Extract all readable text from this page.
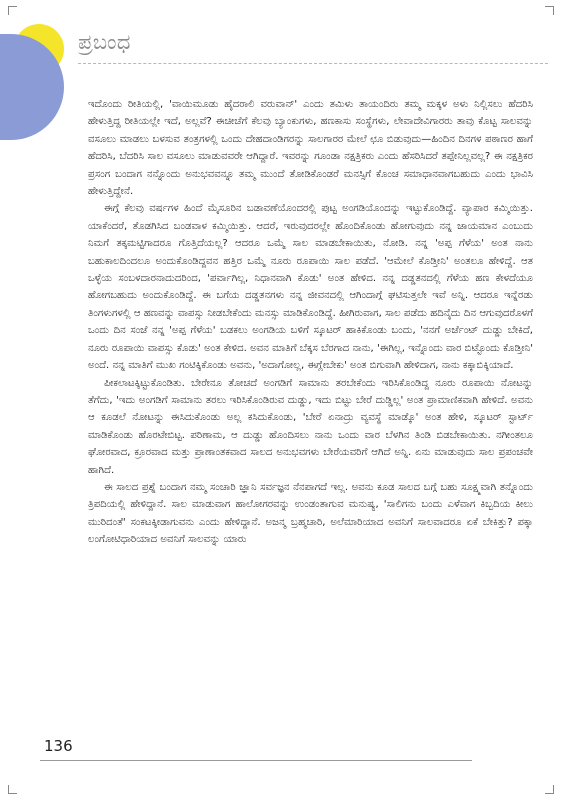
ಪ್ರಬಂಧ

ಇದೊಂದು ರೀತಿಯಲ್ಲಿ, 'ವಾಯಿಮೂಡು ಹೈದರಾಲಿ ವರುವಾನ್' ಎಂದು ತಮಿಳು ತಾಯಂದಿರು ತಮ್ಮ ಮಕ್ಕಳ ಅಳು ನಿಲ್ಲಿಸಲು ಹೆದರಿಸಿ ಹೇಳುತ್ತಿದ್ದ ರೀತಿಯಲ್ಲೇ ಇದೆ, ಅಲ್ಲವೆ? ಈಚೀಚೆಗೆ ಕೆಲವು ಬ್ಯಾಂಕುಗಳು, ಹಣಕಾಸು ಸಂಸ್ಥೆಗಳು, ಲೇವಾದೇವಿಗಾರರು ತಾವು ಕೊಟ್ಟ ಸಾಲವನ್ನು ವಸೂಲು ಮಾಡಲು ಬಳಸುವ ತಂತ್ರಗಳಲ್ಲಿ ಒಂದು ದೇಹದಾಂಡಿಗರನ್ನು ಸಾಲಗಾರರ ಮೇಲೆ ಛೂ ಬಿಡುವುದು—ಹಿಂದಿನ ದಿನಗಳ ಪಠಾಣರ ಹಾಗೆ ಹೆದರಿಸಿ, ಬೆದರಿಸಿ ಸಾಲ ವಸೂಲು ಮಾಡುವವರೇ ಆಗಿದ್ದಾರೆ. ಇವರನ್ನು ಗೂಂಡಾ ನಕ್ಷತ್ರಿಕರು ಎಂದು ಹೆಸರಿಸಿದರೆ ತಪ್ಪೇನಿಲ್ಲವಲ್ಲ? ಈ ನಕ್ಷತ್ರಿಕರ ಪ್ರಸಂಗ ಬಂದಾಗ ನನ್ನೊಂದು ಅನುಭವವನ್ನೂ ತಮ್ಮ ಮುಂದೆ ತೋಡಿಕೊಂಡರೆ ಮನಸ್ಸಿಗೆ ಕೊಂಚ ಸಮಾಧಾನವಾಗಬಹುದು ಎಂದು ಭಾವಿಸಿ ಹೇಳುತ್ತಿದ್ದೇನೆ.

ಈಗ್ಗೆ ಕೆಲವು ವರ್ಷಗಳ ಹಿಂದೆ ಮೈಸೂರಿನ ಬಡಾವಣೆಯೊಂದರಲ್ಲಿ ಪುಟ್ಟ ಅಂಗಡಿಯೊಂದನ್ನು ಇಟ್ಟುಕೊಂಡಿದ್ದೆ. ವ್ಯಾಪಾರ ಕಮ್ಮಿಯಿತ್ತು. ಯಾಕೆಂದರೆ, ತೊಡಗಿಸಿದ ಬಂಡವಾಳ ಕಮ್ಮಿಯಿತ್ತು. ಆದರೆ, ಇರುವುದರಲ್ಲೇ ಹೊಂದಿಕೊಂಡು ಹೋಗುವುದು ನನ್ನ ಜಾಯಮಾನ ಎಂಬುದು ನಿಮಗೆ ತಕ್ಕಮಟ್ಟಿಗಾದರೂ ಗೊತ್ತಿದೆಯಲ್ಲ? ಆದರೂ ಒಮ್ಮೆ ಸಾಲ ಮಾಡಬೇಕಾಯಿತು, ನೋಡಿ. ನನ್ನ 'ಅಪ್ಪ ಗೆಳೆಯ' ಅಂತ ನಾನು ಬಹುಕಾಲದಿಂದಲೂ ಅಂದುಕೊಂಡಿದ್ದವನ ಹತ್ತಿರ ಒಮ್ಮೆ ನೂರು ರೂಪಾಯಿ ಸಾಲ ಪಡೆದೆ. 'ಆಮೇಲೆ ಕೊಡ್ತೀನಿ' ಅಂತಲೂ ಹೇಳಿದ್ದೆ. ಆತ ಒಳ್ಳೆಯ ಸಂಬಳದಾರನಾದುದರಿಂದ, 'ಪರ್ವಾಗಿಲ್ಲ, ನಿಧಾನವಾಗಿ ಕೊಡು' ಅಂತ ಹೇಳಿದ. ನನ್ನ ದಡ್ಡತನದಲ್ಲಿ ಗೆಳೆಯ ಹಣ ಕೇಳದೆಯೂ ಹೋಗಬಹುದು ಅಂದುಕೊಂಡಿದ್ದೆ. ಈ ಬಗೆಯ ದಡ್ಡತನಗಳು ನನ್ನ ಜೀವನದಲ್ಲಿ ಆಗಿಂದಾಗ್ಗೆ ಘಟಿಸುತ್ತಲೇ ಇವೆ ಅನ್ನಿ. ಆದರೂ ಇನ್ನೆರಡು ತಿಂಗಳುಗಳಲ್ಲಿ ಆ ಹಣವನ್ನು ವಾಪಸ್ಸು ನೀಡಬೇಕೆಂದು ಮನಸ್ಸು ಮಾಡಿಕೊಂಡಿದ್ದೆ. ಹೀಗಿರುವಾಗ, ಸಾಲ ಪಡೆದು ಹದಿನೈದು ದಿನ ಆಗುವುದರೊಳಗೆ ಒಂದು ದಿನ ಸಂಜೆ ನನ್ನ 'ಅಪ್ಪ ಗೆಳೆಯ' ಬಡಕಲು ಅಂಗಡಿಯ ಬಳಿಗೆ ಸ್ಕೂಟರ್ ಹಾಕಿಕೊಂಡು ಬಂದು, 'ನನಗೆ ಅರ್ಜೆಂಟ್ ದುಡ್ಡು ಬೇಕಿದೆ, ನೂರು ರೂಪಾಯಿ ವಾಪಸ್ಸು ಕೊಡು' ಅಂತ ಕೇಳಿದ. ಅವನ ಮಾತಿಗೆ ಬೆಕ್ಕಸ ಬೆರಗಾದ ನಾನು, 'ಈಗಿಲ್ಲ, ಇನ್ನೊಂದು ವಾರ ಬಿಟ್ಟೊಂದು ಕೊಡ್ತೀನಿ' ಅಂದೆ. ನನ್ನ ಮಾತಿಗೆ ಮುಖ ಗಂಟಿಕ್ಕಿಕೊಂಡು ಅವನು, 'ಅದಾಗೋಲ್ಲ, ಈಗ್ಲೇಬೇಕು' ಅಂತ ಬಿಗುವಾಗಿ ಹೇಳಿದಾಗ, ನಾನು ಕಕ್ಕಾಬಿಕ್ಕಿಯಾದೆ.

ಪೀಕಲಾಟಕ್ಕಿಟ್ಟುಕೊಂಡಿತು. ಬೇರೇನೂ ತೋಚದೆ ಅಂಗಡಿಗೆ ಸಾಮಾನು ತರಬೇಕೆಂದು ಇರಿಸಿಕೊಂಡಿದ್ದ ನೂರು ರೂಪಾಯಿ ನೋಟನ್ನು ತೆಗೆದು, 'ಇದು ಅಂಗಡಿಗೆ ಸಾಮಾನು ತರಲು ಇರಿಸಿಕೊಂಡಿರುವ ದುಡ್ಡು, ಇದು ಬಿಟ್ಟು ಬೇರೆ ದುಡ್ಡಿಲ್ಲ' ಅಂತ ಪ್ರಾಮಾಣಿಕವಾಗಿ ಹೇಳಿದೆ. ಅವನು ಆ ಕೂಡಲೆ ನೋಟನ್ನು ಈಸಿದುಕೊಂಡು ಅಲ್ಲ ಕಸಿದುಕೊಂಡು, 'ಬೇರೆ ಏನಾದ್ರು ವ್ಯವಸ್ಥೆ ಮಾಡ್ಕೊ' ಅಂತ ಹೇಳಿ, ಸ್ಕೂಟರ್ ಸ್ಟಾರ್ಟ್ ಮಾಡಿಕೊಂಡು ಹೊರಟೇಬಿಟ್ಟ. ಪರಿಣಾಮ, ಆ ದುಡ್ಡು ಹೊಂದಿಸಲು ನಾನು ಒಂದು ವಾರ ಬೆಳಗಿನ ತಿಂಡಿ ಬಿಡಬೇಕಾಯಿತು. ನಗೀಂತಲೂ ಘೋರವಾದ, ಕ್ರೂರವಾದ ಮತ್ತು ಪ್ರಾಣಾಂತಕವಾದ ಸಾಲದ ಅನುಭವಗಳು ಬೇರೆಯವರಿಗೆ ಆಗಿದೆ ಅನ್ನಿ. ಏನು ಮಾಡುವುದು ಸಾಲ ಪ್ರಪಂಚವೇ ಹಾಗಿದೆ.

ಈ ಸಾಲದ ಪ್ರಶ್ನೆ ಬಂದಾಗ ನಮ್ಮ ಸಂಚಾರಿ ಜ್ಞಾನಿ ಸರ್ವಜ್ಞನ ನೆನಪಾಗದೆ ಇಲ್ಲ. ಅವನು ಕೂಡ ಸಾಲದ ಬಗ್ಗೆ ಬಹು ಸೂಕ್ಷ್ಮವಾಗಿ ತನ್ನೊಂದು ತ್ರಿಪದಿಯಲ್ಲಿ ಹೇಳಿದ್ದಾನೆ. ಸಾಲ ಮಾಡುವಾಗ ಹಾಲೋಗರವನ್ನು ಉಂಡಂತಾಗುವ ಮನುಷ್ಯ, 'ಸಾಲಿಗನು ಬಂದು ಎಳೆವಾಗ ಕಿಬ್ಬದಿಯ ಕೀಲು ಮುರಿದಂತೆ' ಸಂಕಟಕ್ಕೀಡಾಗುವನು ಎಂದು ಹೇಳಿದ್ದಾನೆ. ಅಜನ್ಮ ಬ್ರಹ್ಮಚಾರಿ, ಅಲೆಮಾರಿಯಾದ ಅವನಿಗೆ ಸಾಲವಾದರೂ ಏಕೆ ಬೇಕಿತ್ತು? ಪಕ್ಕಾ ಲಂಗೋಟಿಧಾರಿಯಾದ ಅವನಿಗೆ ಸಾಲವನ್ನು ಯಾರು

136
